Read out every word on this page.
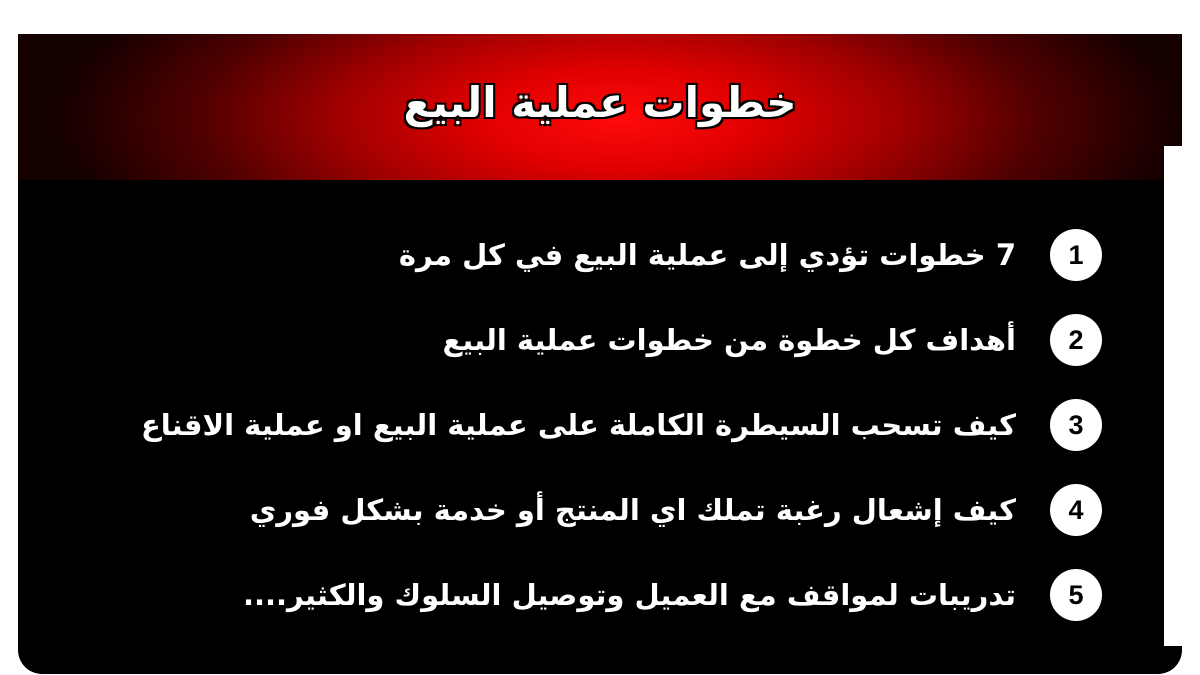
خطوات عملية البيع
1
7 خطوات تؤدي إلى عملية البيع في كل مرة
2
أهداف كل خطوة من خطوات عملية البيع
3
كيف تسحب السيطرة الكاملة على عملية البيع او عملية الاقناع
4
كيف إشعال رغبة تملك اي المنتج أو خدمة بشكل فوري
5
تدريبات لمواقف مع العميل وتوصيل السلوك والكثير....
